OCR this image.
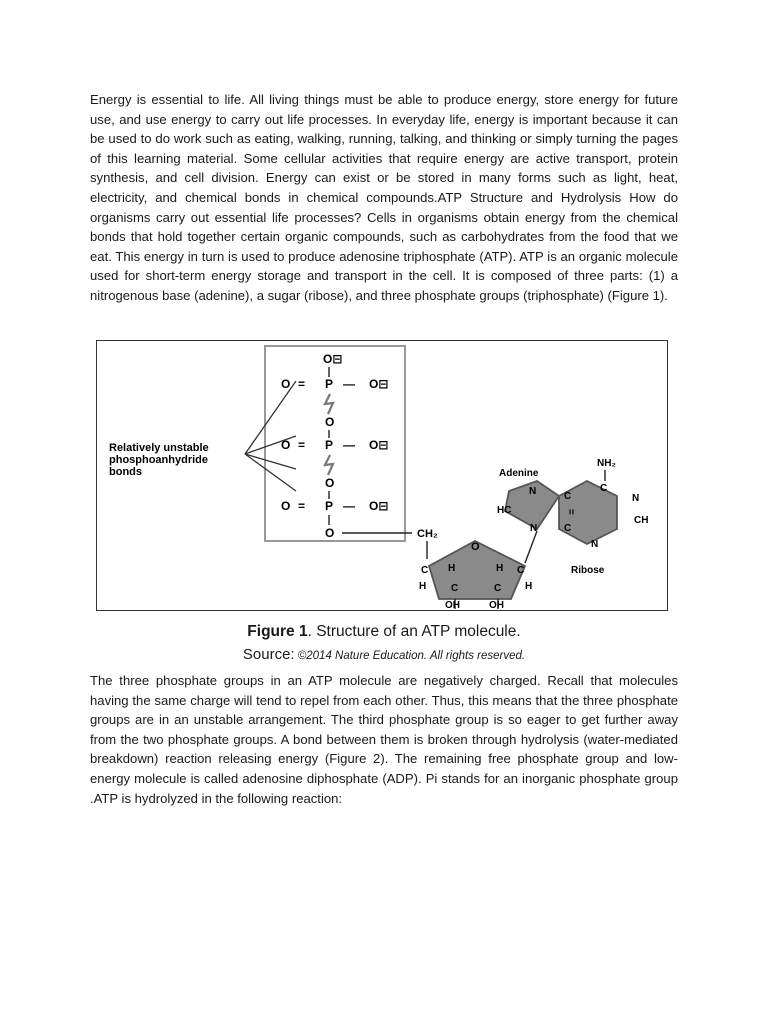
Energy is essential to life. All living things must be able to produce energy, store energy for future use, and use energy to carry out life processes. In everyday life, energy is important because it can be used to do work such as eating, walking, running, talking, and thinking or simply turning the pages of this learning material. Some cellular activities that require energy are active transport, protein synthesis, and cell division. Energy can exist or be stored in many forms such as light, heat, electricity, and chemical bonds in chemical compounds.ATP Structure and Hydrolysis How do organisms carry out essential life processes? Cells in organisms obtain energy from the chemical bonds that hold together certain organic compounds, such as carbohydrates from the food that we eat. This energy in turn is used to produce adenosine triphosphate (ATP). ATP is an organic molecule used for short-term energy storage and transport in the cell. It is composed of three parts: (1) a nitrogenous base (adenine), a sugar (ribose), and three phosphate groups (triphosphate) (Figure 1).

Relatively unstable
phosphoanhydride
bonds
O⊟
O = P — O⊟
O
O = P — O⊟
O
O = P — O⊟
O	CH₂
O
C	C
H	H
C	C
H	H
OH	OH
Ribose
Adenine
NH₂
N
HC
N
C
C
=
C
N
CH
N

Figure 1. Structure of an ATP molecule.

Source: ©2014 Nature Education. All rights reserved.

The three phosphate groups in an ATP molecule are negatively charged. Recall that molecules having the same charge will tend to repel from each other. Thus, this means that the three phosphate groups are in an unstable arrangement. The third phosphate group is so eager to get further away from the two phosphate groups. A bond between them is broken through hydrolysis (water-mediated breakdown) reaction releasing energy (Figure 2). The remaining free phosphate group and low-energy molecule is called adenosine diphosphate (ADP). Pi stands for an inorganic phosphate group .ATP is hydrolyzed in the following reaction:
